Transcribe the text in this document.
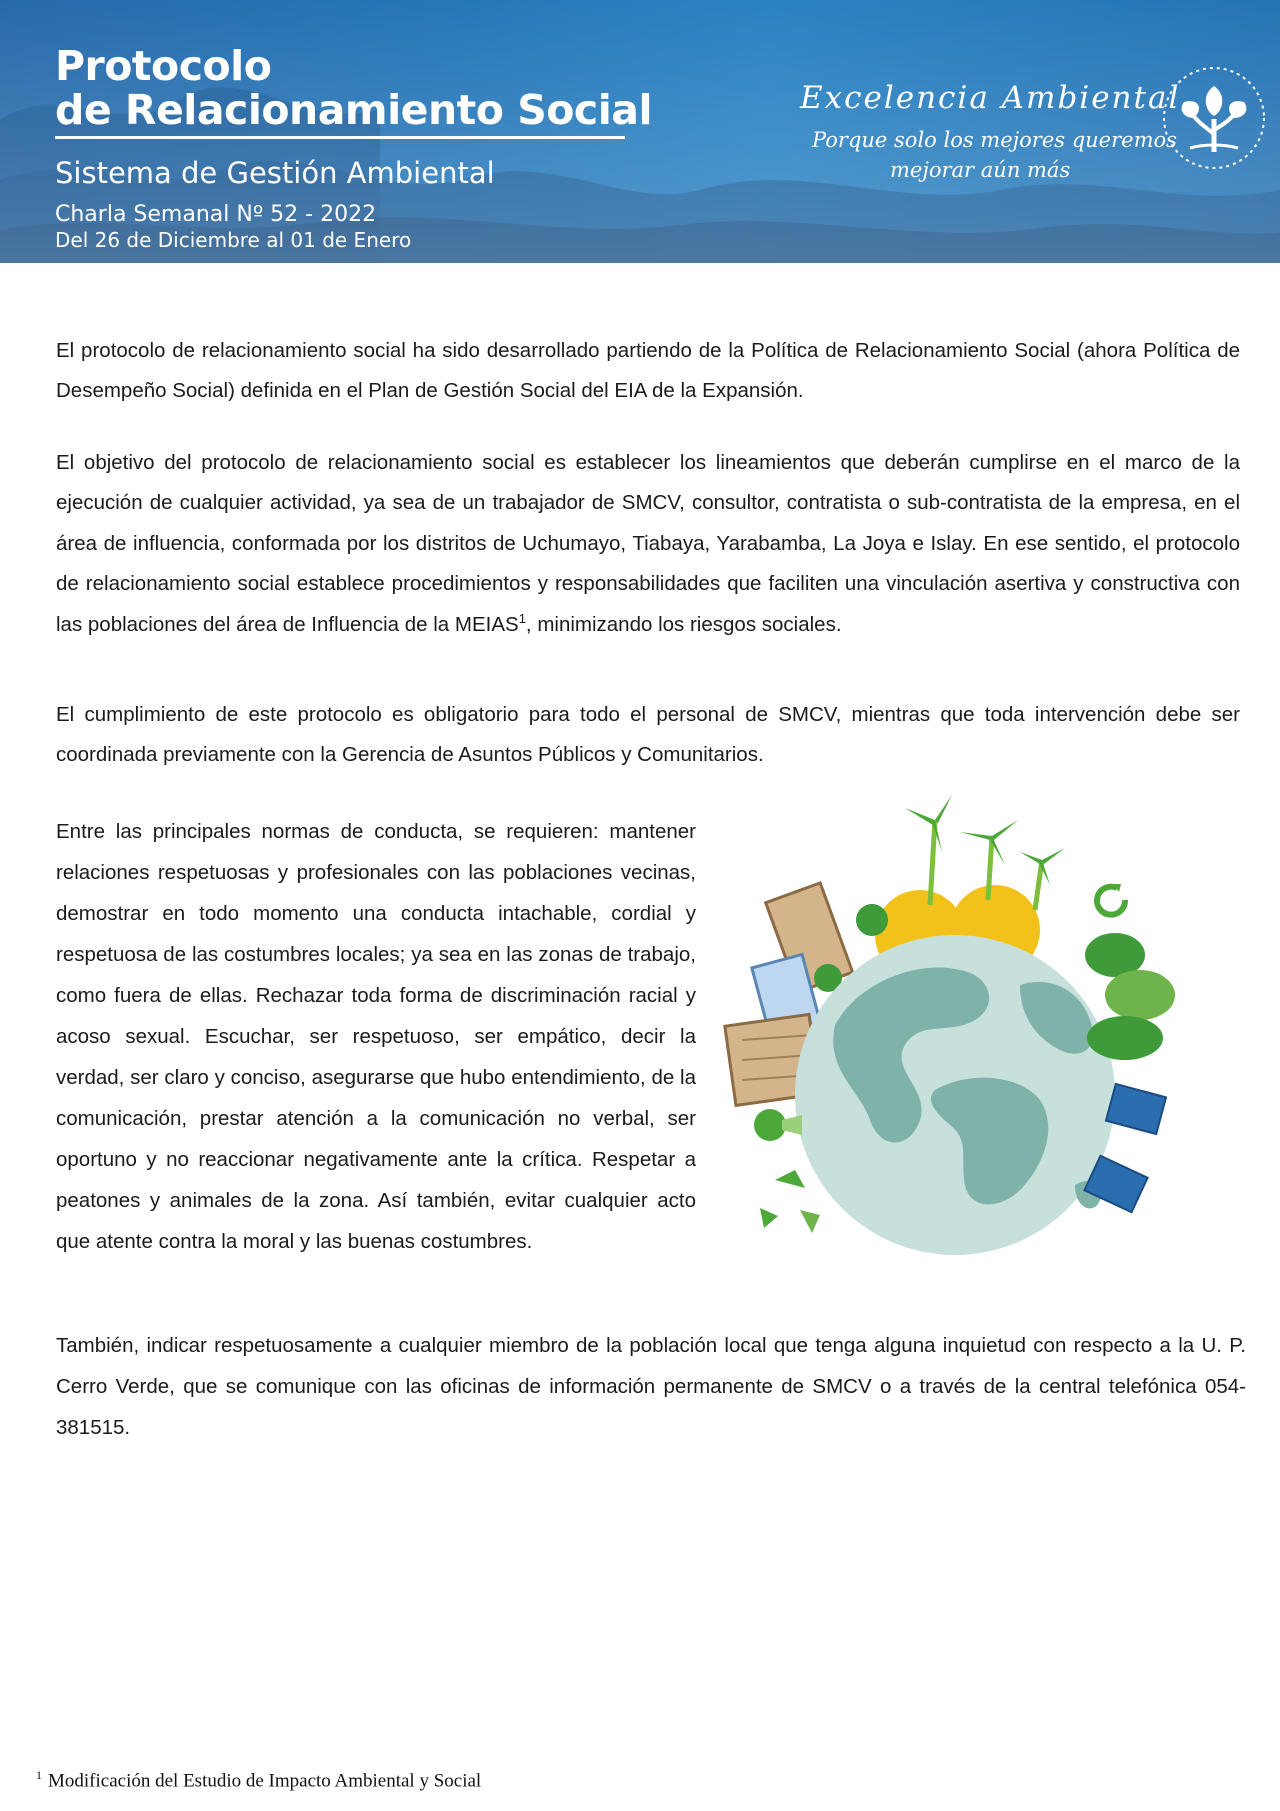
Protocolo
de Relacionamiento Social
Sistema de Gestión Ambiental
Charla Semanal Nº 52 - 2022
Del 26 de Diciembre al 01 de Enero
Excelencia Ambiental
Porque solo los mejores queremos
mejorar aún más

El protocolo de relacionamiento social ha sido desarrollado partiendo de la Política de Relacionamiento Social (ahora Política de Desempeño Social) definida en el Plan de Gestión Social del EIA de la Expansión.

El objetivo del protocolo de relacionamiento social es establecer los lineamientos que deberán cumplirse en el marco de la ejecución de cualquier actividad, ya sea de un trabajador de SMCV, consultor, contratista o sub-contratista de la empresa, en el área de influencia, conformada por los distritos de Uchumayo, Tiabaya, Yarabamba, La Joya e Islay. En ese sentido, el protocolo de relacionamiento social establece procedimientos y responsabilidades que faciliten una vinculación asertiva y constructiva con las poblaciones del área de Influencia de la MEIAS$^1$, minimizando los riesgos sociales.

El cumplimiento de este protocolo es obligatorio para todo el personal de SMCV, mientras que toda intervención debe ser coordinada previamente con la Gerencia de Asuntos Públicos y Comunitarios.

Entre las principales normas de conducta, se requieren: mantener relaciones respetuosas y profesionales con las poblaciones vecinas, demostrar en todo momento una conducta intachable, cordial y respetuosa de las costumbres locales; ya sea en las zonas de trabajo, como fuera de ellas. Rechazar toda forma de discriminación racial y acoso sexual. Escuchar, ser respetuoso, ser empático, decir la verdad, ser claro y conciso, asegurarse que hubo entendimiento, de la comunicación, prestar atención a la comunicación no verbal, ser oportuno y no reaccionar negativamente ante la crítica. Respetar a peatones y animales de la zona. Así también, evitar cualquier acto que atente contra la moral y las buenas costumbres.

También, indicar respetuosamente a cualquier miembro de la población local que tenga alguna inquietud con respecto a la U. P. Cerro Verde, que se comunique con las oficinas de información permanente de SMCV o a través de la central telefónica 054-381515.

$^1$ Modificación del Estudio de Impacto Ambiental y Social
